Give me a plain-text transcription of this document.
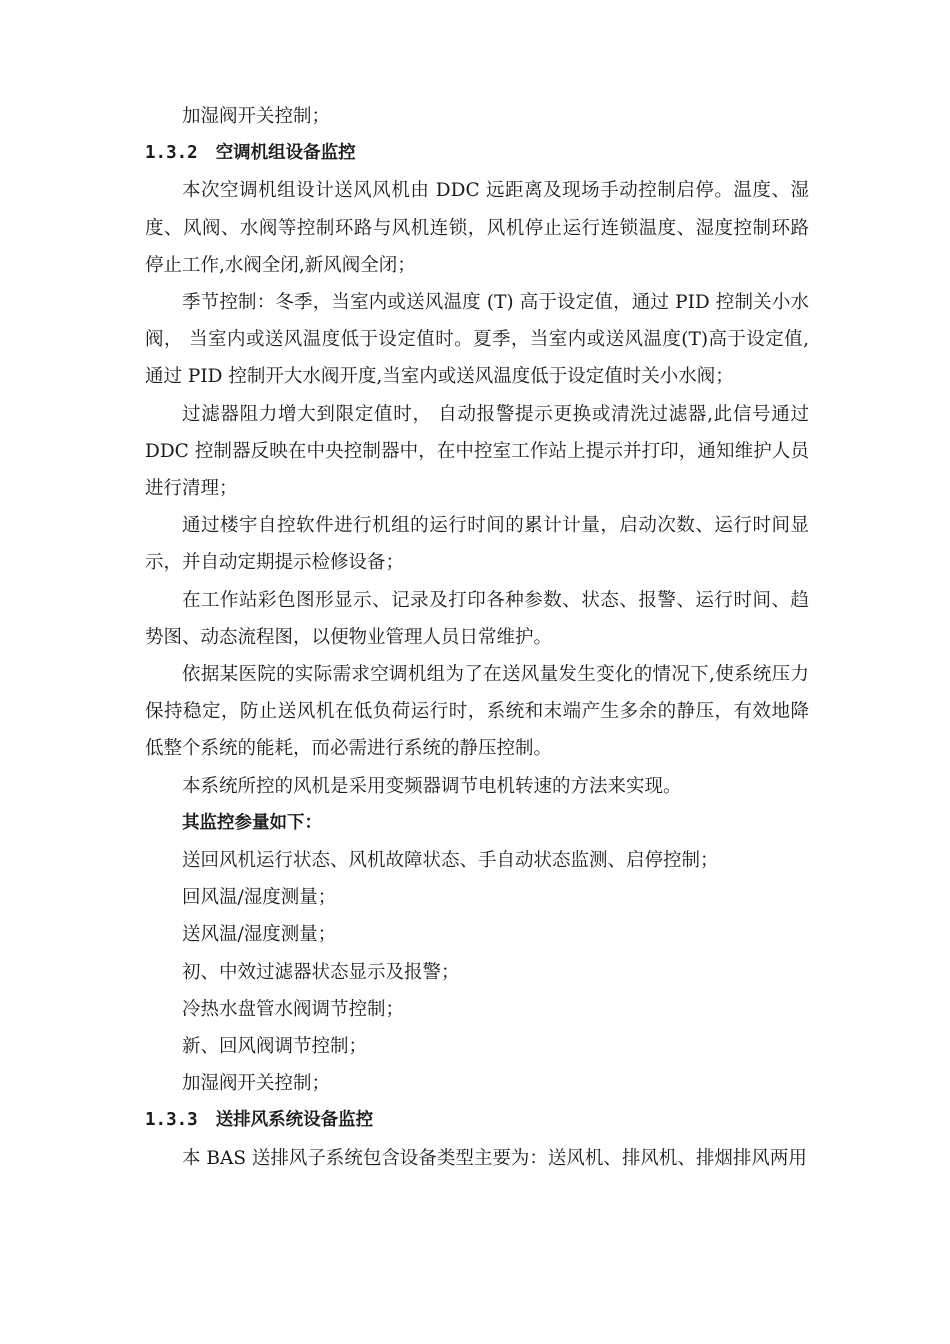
加湿阀开关控制；

1.3.2 空调机组设备监控

本次空调机组设计送风风机由 DDC 远距离及现场手动控制启停。温度、湿度、风阀、水阀等控制环路与风机连锁，风机停止运行连锁温度、湿度控制环路停止工作,水阀全闭,新风阀全闭；

季节控制：冬季，当室内或送风温度 (T) 高于设定值，通过 PID 控制关小水阀， 当室内或送风温度低于设定值时。夏季，当室内或送风温度(T)高于设定值,通过 PID 控制开大水阀开度,当室内或送风温度低于设定值时关小水阀；

过滤器阻力增大到限定值时， 自动报警提示更换或清洗过滤器,此信号通过 DDC 控制器反映在中央控制器中，在中控室工作站上提示并打印，通知维护人员进行清理；

通过楼宇自控软件进行机组的运行时间的累计计量，启动次数、运行时间显示，并自动定期提示检修设备；

在工作站彩色图形显示、记录及打印各种参数、状态、报警、运行时间、趋势图、动态流程图，以便物业管理人员日常维护。

依据某医院的实际需求空调机组为了在送风量发生变化的情况下,使系统压力保持稳定，防止送风机在低负荷运行时，系统和末端产生多余的静压，有效地降低整个系统的能耗，而必需进行系统的静压控制。

本系统所控的风机是采用变频器调节电机转速的方法来实现。

其监控参量如下：

送回风机运行状态、风机故障状态、手自动状态监测、启停控制；

回风温/湿度测量；

送风温/湿度测量；

初、中效过滤器状态显示及报警；

冷热水盘管水阀调节控制；

新、回风阀调节控制；

加湿阀开关控制；

1.3.3 送排风系统设备监控

本 BAS 送排风子系统包含设备类型主要为：送风机、排风机、排烟排风两用
